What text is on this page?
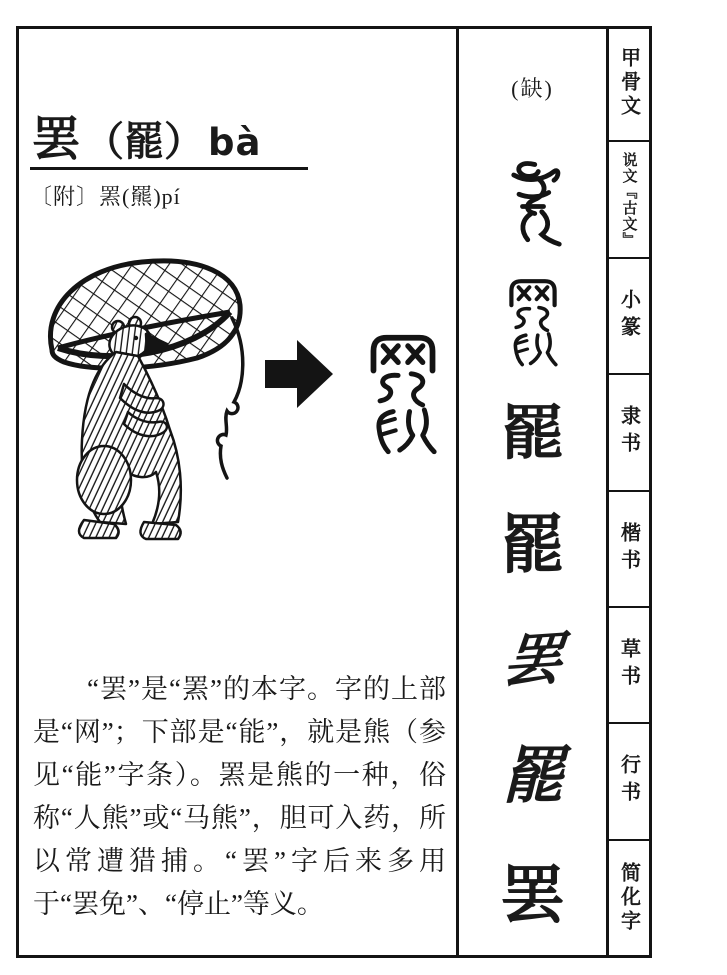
罢 （罷） bà
〔附〕罴(羆)pí

“罢”是“罴”的本字。字的上部是“网”；下部是“能”，就是熊（参见“能”字条）。罴是熊的一种，俗称“人熊”或“马熊”，胆可入药，所以常遭猎捕。“罢”字后来多用于“罢免”、“停止”等义。

(缺)
罷
罷
罢
罷
罢
甲骨文
说文﹃古文﹄
小篆
隶书
楷书
草书
行书
简化字
